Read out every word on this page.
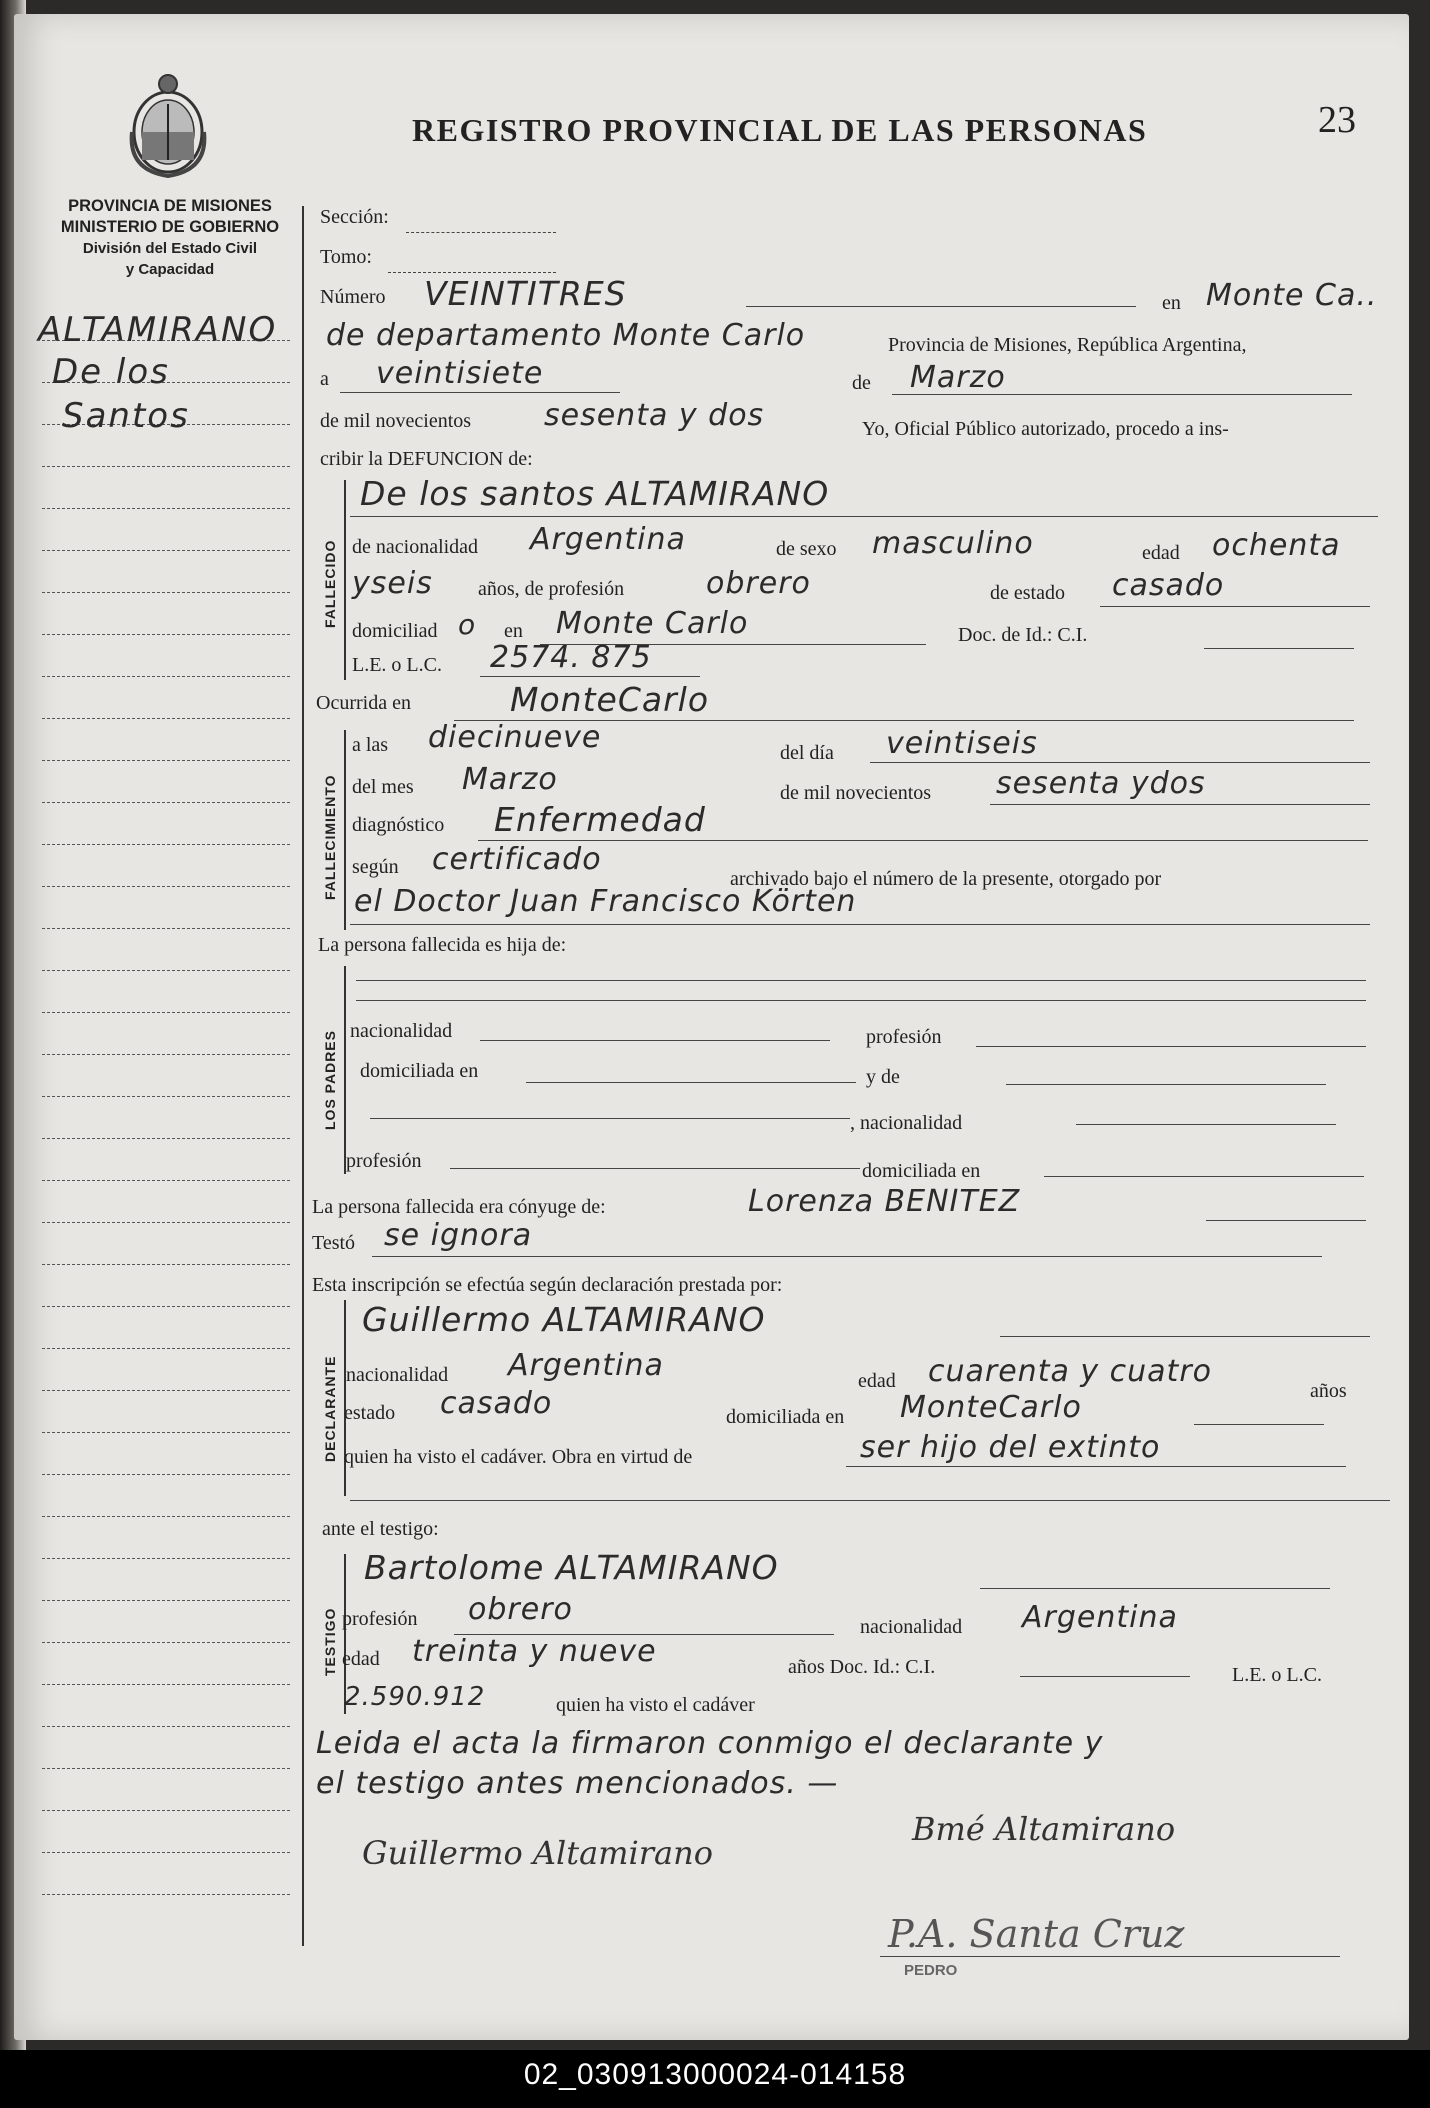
REGISTRO PROVINCIAL DE LAS PERSONAS	23
PROVINCIA DE MISIONES
MINISTERIO DE GOBIERNO
División del Estado Civil
y Capacidad
ALTAMIRANO
De los
Santos
Sección:
Tomo:
Número VEINTITRES	en Monte Ca..
de departamento Monte Carlo	Provincia de Misiones, República Argentina,
a veintisiete	de Marzo
de mil novecientos sesenta y dos	Yo, Oficial Público autorizado, procedo a ins-
cribir la DEFUNCION de:
FALLECIDO
De los santos ALTAMIRANO
de nacionalidad Argentina	de sexo masculino	edad ochenta
yseis años, de profesión	obrero	de estado casado
domiciliad o en Monte Carlo	Doc. de Id.: C.I.
L.E. o L.C. 2574. 875
Ocurrida en	MonteCarlo
FALLECIMIENTO
a las diecinueve	del día veintiseis
del mes Marzo	de mil novecientos sesenta ydos
diagnóstico Enfermedad
según certificado
archivado bajo el número de la presente, otorgado por
el Doctor Juan Francisco Körten
La persona fallecida es hija de:
LOS PADRES nacionalidad	profesión
domiciliada en	y de
, nacionalidad
profesión	domiciliada en
La persona fallecida era cónyuge de:	Lorenza BENITEZ
Testó se ignora
Esta inscripción se efectúa según declaración prestada por:
DECLARANTE
Guillermo ALTAMIRANO
nacionalidad Argentina	edad cuarenta y cuatro
años
estado casado	domiciliada en MonteCarlo
quien ha visto el cadáver. Obra en virtud de	ser hijo del extinto
ante el testigo:
TESTIGO
Bartolome ALTAMIRANO
profesión obrero	nacionalidad Argentina
edad treinta y nueve	años Doc. Id.: C.I.	L.E. o L.C.
2.590.912	quien ha visto el cadáver
Leida el acta la firmaron conmigo el declarante y
el testigo antes mencionados. —
Bmé Altamirano
Guillermo Altamirano
P.A. Santa Cruz
PEDRO
02_030913000024-014158
